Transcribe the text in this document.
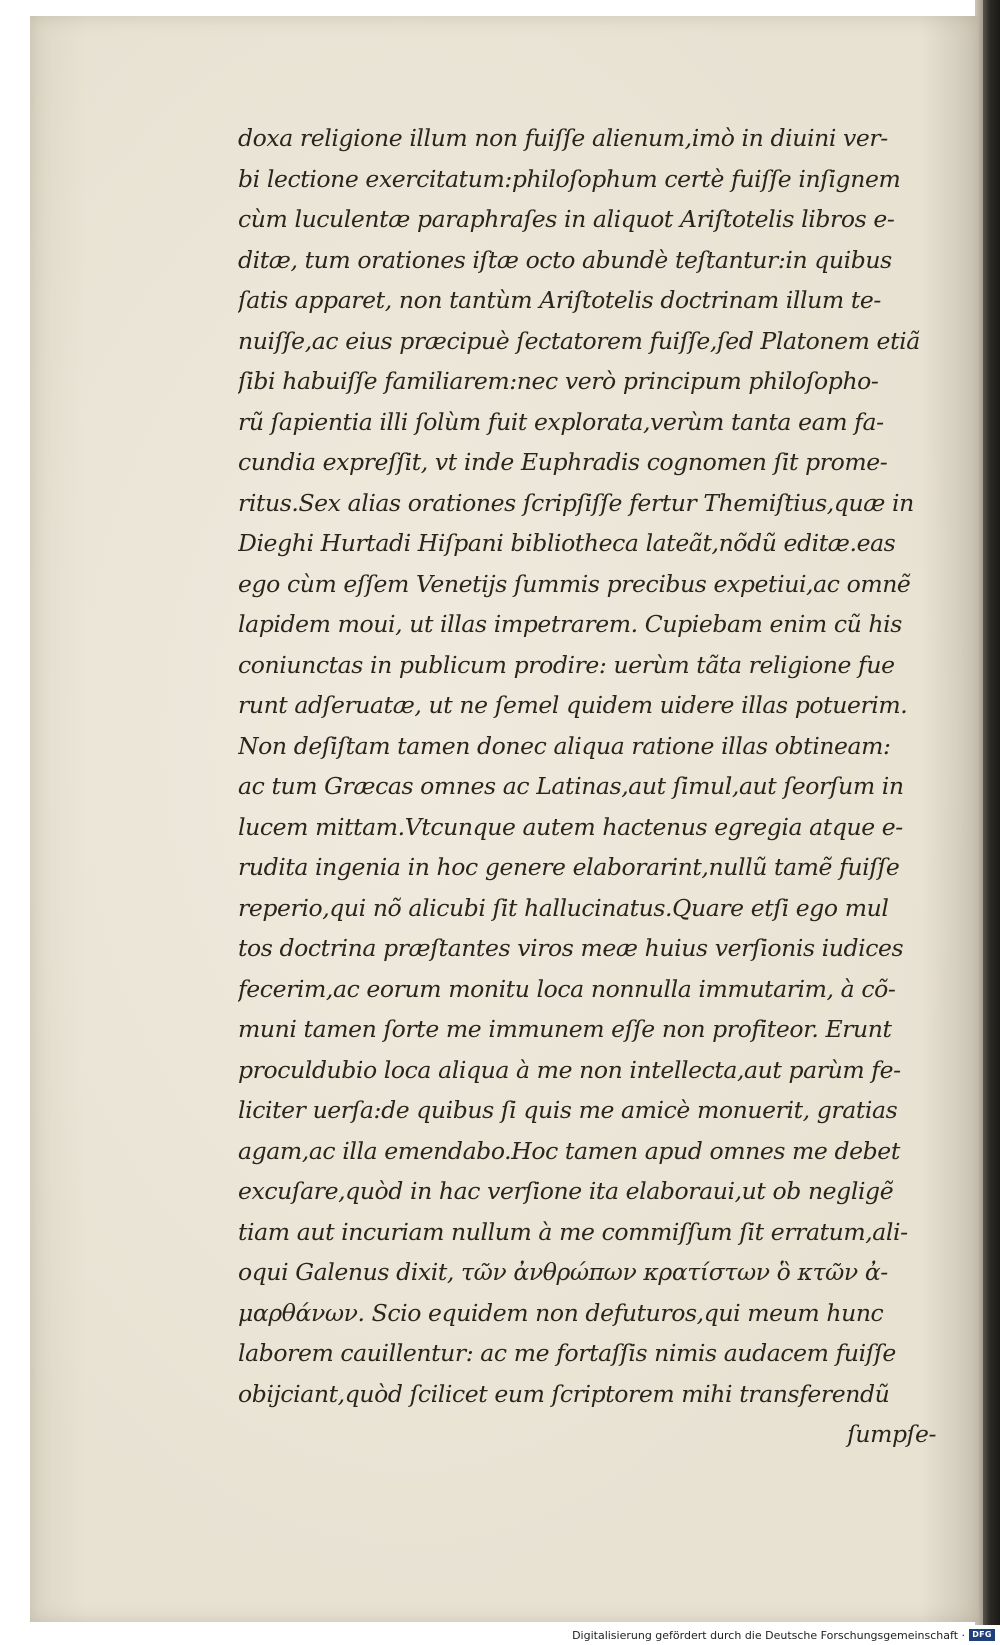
doxa religione illum non fuiſſe alienum,imò in diuini ver-
bi lectione exercitatum:philoſophum certè fuiſſe inſignem
cùm luculentæ paraphraſes in aliquot Ariſtotelis libros e-
ditæ, tum orationes iſtæ octo abundè teſtantur:in quibus
ſatis apparet, non tantùm Ariſtotelis doctrinam illum te-
nuiſſe,ac eius præcipuè ſectatorem fuiſſe,ſed Platonem etiã
ſibi habuiſſe familiarem:nec verò principum philoſopho-
rũ ſapientia illi ſolùm fuit explorata,verùm tanta eam fa-
cundia expreſſit, vt inde Euphradis cognomen ſit prome-
ritus.Sex alias orationes ſcripſiſſe fertur Themiſtius,quæ in
Dieghi Hurtadi Hiſpani bibliotheca lateãt,nõdũ editæ.eas
ego cùm eſſem Venetijs ſummis precibus expetiui,ac omnẽ
lapidem moui, ut illas impetrarem. Cupiebam enim cũ his
coniunctas in publicum prodire: uerùm tãta religione fue
runt adſeruatæ, ut ne ſemel quidem uidere illas potuerim.
Non deſiſtam tamen donec aliqua ratione illas obtineam:
ac tum Græcas omnes ac Latinas,aut ſimul,aut ſeorſum in
lucem mittam.Vtcunque autem hactenus egregia atque e-
rudita ingenia in hoc genere elaborarint,nullũ tamẽ fuiſſe
reperio,qui nõ alicubi ſit hallucinatus.Quare etſi ego mul
tos doctrina præſtantes viros meæ huius verſionis iudices
fecerim,ac eorum monitu loca nonnulla immutarim, à cõ-
muni tamen ſorte me immunem eſſe non profiteor. Erunt
proculdubio loca aliqua à me non intellecta,aut parùm fe-
liciter uerſa:de quibus ſi quis me amicè monuerit, gratias
agam,ac illa emendabo.Hoc tamen apud omnes me debet
excuſare,quòd in hac verſione ita elaboraui,ut ob negligẽ
tiam aut incuriam nullum à me commiſſum ſit erratum,ali-
oqui Galenus dixit, τῶν ἀνθρώπων κρατίστων ὃ κτῶν ἀ-
μαρθάνων. Scio equidem non defuturos,qui meum hunc
laborem cauillentur: ac me fortaſſis nimis audacem fuiſſe
obijciant,quòd ſcilicet eum ſcriptorem mihi transferendũ
ſumpſe-
Digitalisierung gefördert durch die Deutsche Forschungsgemeinschaft · DFG
